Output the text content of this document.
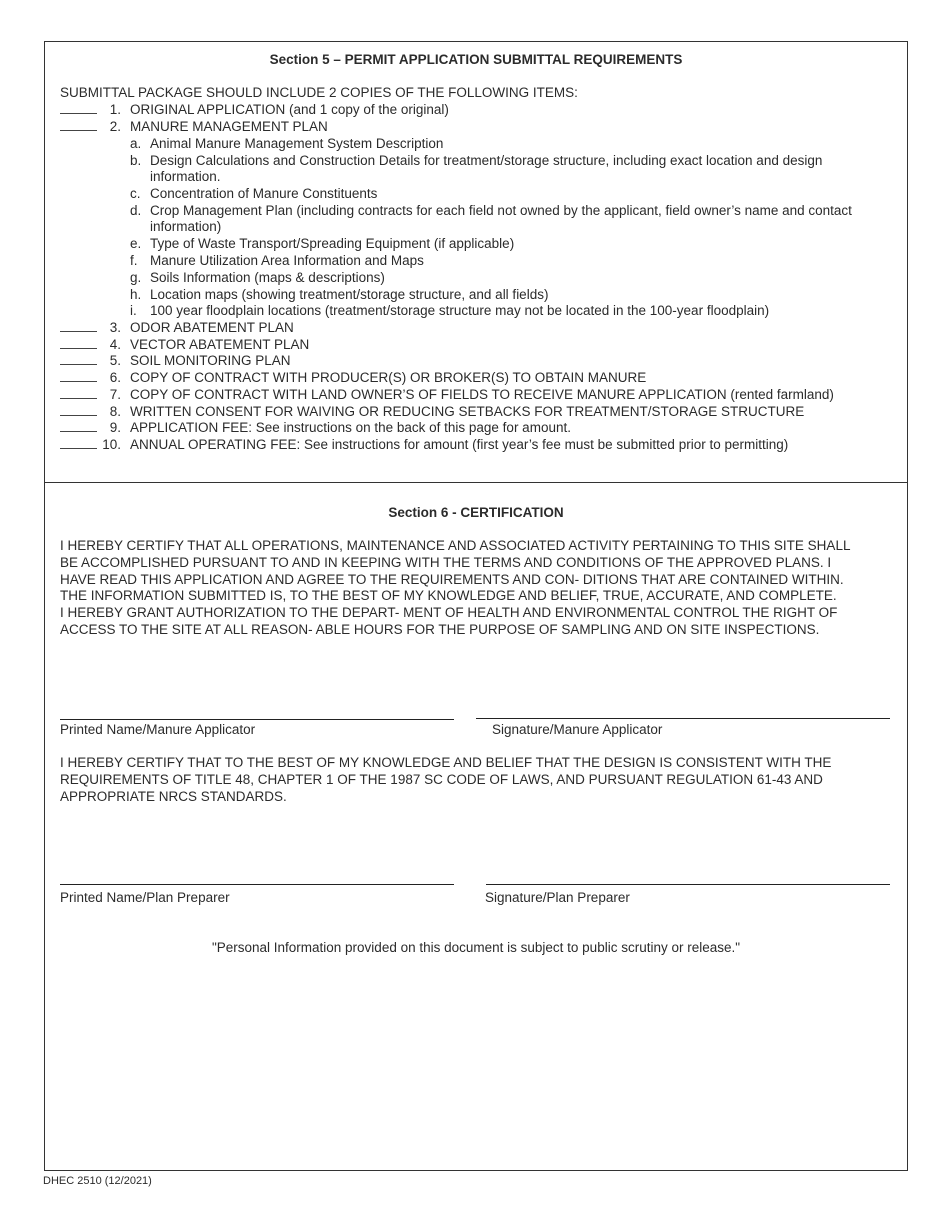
Section 5 – PERMIT APPLICATION SUBMITTAL REQUIREMENTS
SUBMITTAL PACKAGE SHOULD INCLUDE 2 COPIES OF THE FOLLOWING ITEMS:
1. ORIGINAL APPLICATION (and 1 copy of the original)
2. MANURE MANAGEMENT PLAN
a. Animal Manure Management System Description
b. Design Calculations and Construction Details for treatment/storage structure, including exact location and design
information.
c. Concentration of Manure Constituents
d. Crop Management Plan (including contracts for each field not owned by the applicant, field owner’s name and contact
information)
e. Type of Waste Transport/Spreading Equipment (if applicable)
f. Manure Utilization Area Information and Maps
g. Soils Information (maps & descriptions)
h. Location maps (showing treatment/storage structure, and all fields)
i. 100 year floodplain locations (treatment/storage structure may not be located in the 100-year floodplain)
3. ODOR ABATEMENT PLAN
4. VECTOR ABATEMENT PLAN
5. SOIL MONITORING PLAN
6. COPY OF CONTRACT WITH PRODUCER(S) OR BROKER(S) TO OBTAIN MANURE
7. COPY OF CONTRACT WITH LAND OWNER’S OF FIELDS TO RECEIVE MANURE APPLICATION (rented farmland)
8. WRITTEN CONSENT FOR WAIVING OR REDUCING SETBACKS FOR TREATMENT/STORAGE STRUCTURE
9. APPLICATION FEE: See instructions on the back of this page for amount.
10. ANNUAL OPERATING FEE: See instructions for amount (first year’s fee must be submitted prior to permitting)
Section 6 - CERTIFICATION
I HEREBY CERTIFY THAT ALL OPERATIONS, MAINTENANCE AND ASSOCIATED ACTIVITY PERTAINING TO THIS SITE SHALL
BE ACCOMPLISHED PURSUANT TO AND IN KEEPING WITH THE TERMS AND CONDITIONS OF THE APPROVED PLANS. I
HAVE READ THIS APPLICATION AND AGREE TO THE REQUIREMENTS AND CON- DITIONS THAT ARE CONTAINED WITHIN.
THE INFORMATION SUBMITTED IS, TO THE BEST OF MY KNOWLEDGE AND BELIEF, TRUE, ACCURATE, AND COMPLETE.
I HEREBY GRANT AUTHORIZATION TO THE DEPART- MENT OF HEALTH AND ENVIRONMENTAL CONTROL THE RIGHT OF
ACCESS TO THE SITE AT ALL REASON- ABLE HOURS FOR THE PURPOSE OF SAMPLING AND ON SITE INSPECTIONS.
Printed Name/Manure Applicator	Signature/Manure Applicator
I HEREBY CERTIFY THAT TO THE BEST OF MY KNOWLEDGE AND BELIEF THAT THE DESIGN IS CONSISTENT WITH THE
REQUIREMENTS OF TITLE 48, CHAPTER 1 OF THE 1987 SC CODE OF LAWS, AND PURSUANT REGULATION 61-43 AND
APPROPRIATE NRCS STANDARDS.
Printed Name/Plan Preparer	Signature/Plan Preparer
"Personal Information provided on this document is subject to public scrutiny or release."
DHEC 2510 (12/2021)
